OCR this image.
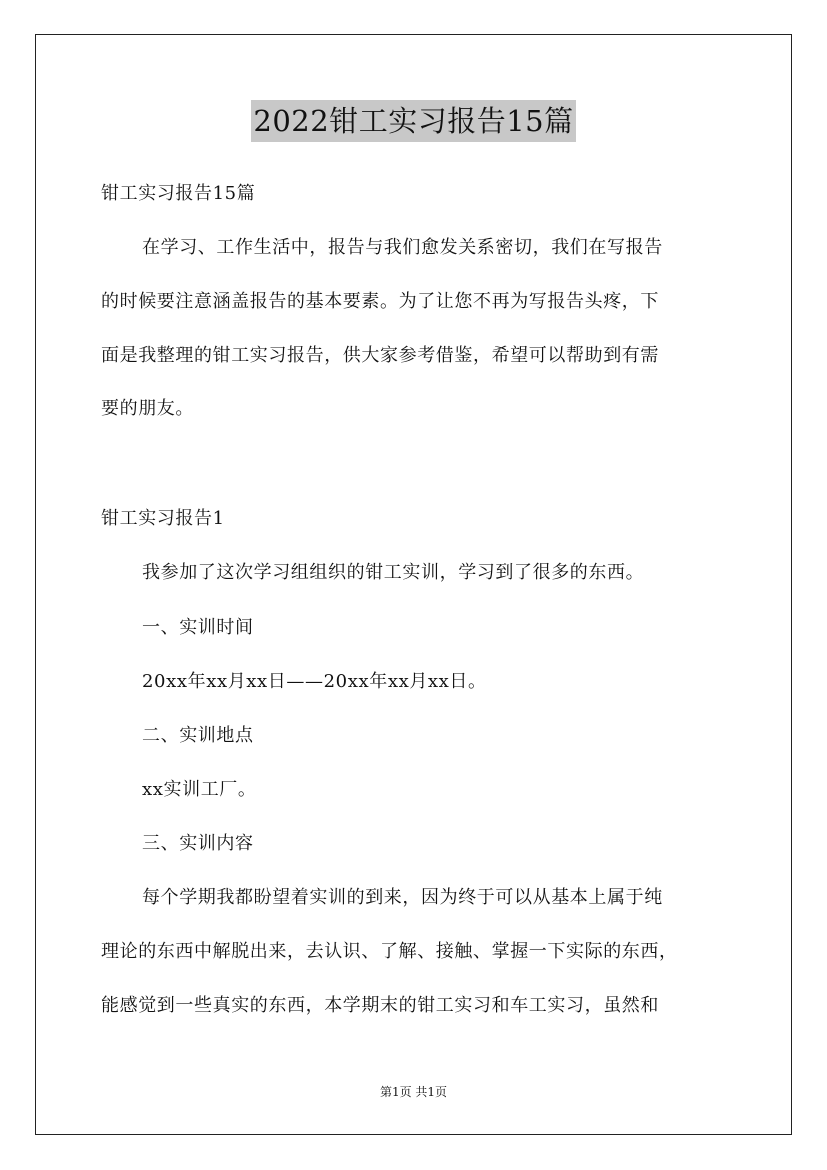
2022钳工实习报告15篇
钳工实习报告15篇
在学习、工作生活中，报告与我们愈发关系密切，我们在写报告
的时候要注意涵盖报告的基本要素。为了让您不再为写报告头疼，下
面是我整理的钳工实习报告，供大家参考借鉴，希望可以帮助到有需
要的朋友。
钳工实习报告1
我参加了这次学习组组织的钳工实训，学习到了很多的东西。
一、实训时间
20xx年xx月xx日——20xx年xx月xx日。
二、实训地点
xx实训工厂。
三、实训内容
每个学期我都盼望着实训的到来，因为终于可以从基本上属于纯
理论的东西中解脱出来，去认识、了解、接触、掌握一下实际的东西，
能感觉到一些真实的东西，本学期末的钳工实习和车工实习，虽然和
第1页 共1页
